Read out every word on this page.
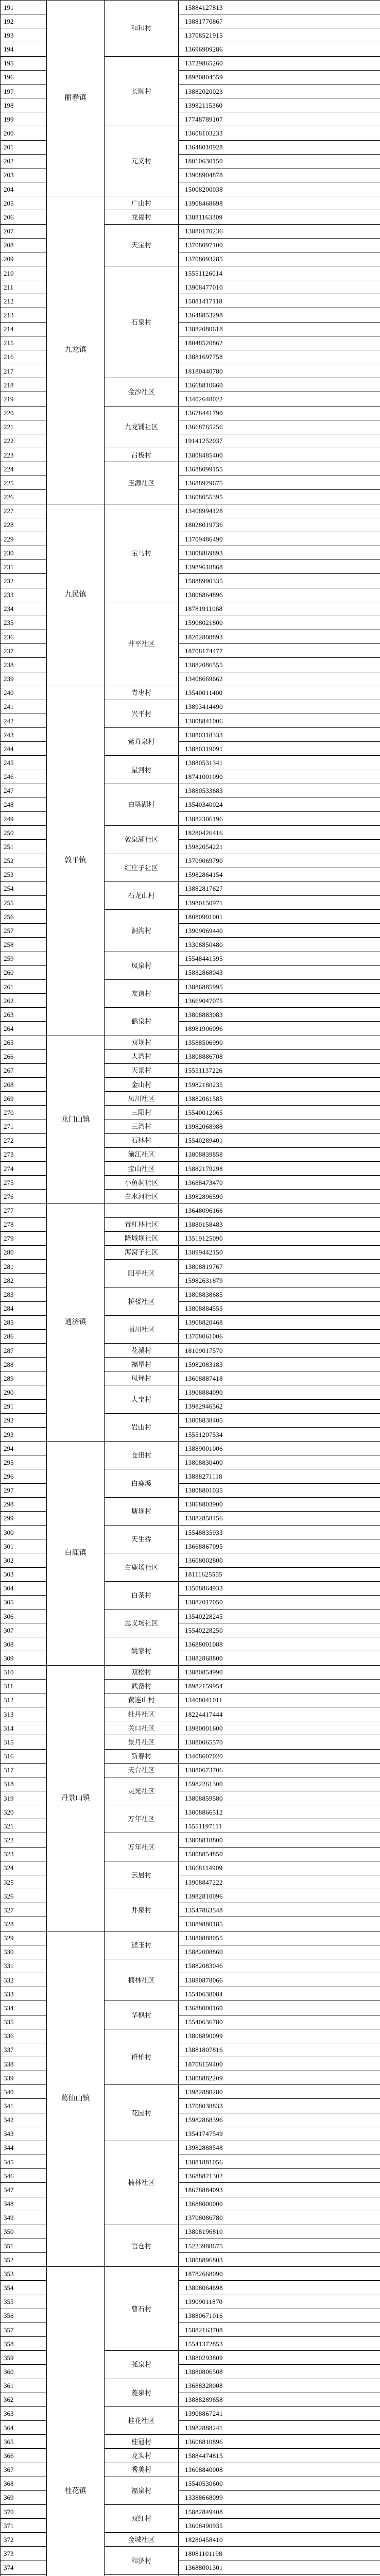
191	丽春镇	和和村	15884127813
192			13881770867
193			13708521915
194			13696909286
195		长顺村	13729865260
196			18980804559
197			13882020023
198			13982115360
199			17748789107
200		元义村	13608103233
201			13648010928
202			18010630150
203			13908904878
204			15008200038
205	九龙镇	广山村	13908468698
206		龙福村	13881163309
207		天宝村	13880170236
208			13708097100
209			13708093285
210		石泉村	15551126014
211			13908477010
212			15881417118
213			13648853298
214			13882080618
215			18048520862
216			13881697758
217			18180440780
218		金沙社区	13668810660
219			13402648022
220		九龙铺社区	13678441790
221			13668765256
222			19141252037
223		吕板村	13808485400
224		玉源社区	13688099155
225			13688929675
226			13608055395
227	九民镇	宝马村	13408994128
228			18028019736
229			13709486490
230			13808869893
231			13989618868
232			15888990335
233			13808864896
234		井平社区	18781911068
235			15908021800
236			18202808893
237			18708174477
238			13882086555
239			13408669662
240	敦平镇	青枣村	13540011400
241		兴平村	13893414490
242			13808841006
243		紫茸泉村	13880318333
244			13880319091
245		星河村	13880531341
246			18741001090
247		白塔湖村	13880533683
248			13540340024
249			13882306196
250		敦泉湖社区	18280426416
251			15982054221
252		红庄子社区	13709069790
253			15982864154
254		石龙山村	13882817627
255			13980150971
256		洞沟村	18080901001
257			13909069440
258			13308850480
259		凤泉村	15548441395
260			15882868043
261		友谊村	13886885995
262			13669047075
263		鹤泉村	13808883083
264			18981906096
265	龙门山镇	双坝村	13588506990
266		大湾村	13808886708
267		天景村	15551137226
268		金山村	15982180235
269		凤川社区	13882061585
270		三阳村	15540012065
271		三湾村	13982068988
272		石林村	15540289401
273		湔江社区	13808839858
274		宝山社区	15882179298
275		小鱼洞社区	13688473470
276		白水河社区	13982896590
277	通济镇		13648096166
278		青杠林社区	13880158483
279		隆城坝社区	13519125090
280		海窝子社区	13899442150
281		阳平社区	13808819767
282			15982631879
283		桥楼社区	13808838685
284			13808884555
285		丽川社区	13908820468
286			13708061006
287		花溪村	18109017570
288		福星村	15982083183
289		凤坪村	13608887418
290		大宝村	13908884090
291			13982946562
292		岩山村	13808838405
293			15551207534
294	白鹿镇	仓田村	13889001006
295			13808830400
296		白鹿溪	13888271118
297			13808801035
298		塘坝村	13868803900
299			13882858456
300		天生桥	15548835933
301			13668867095
302		白鹿场社区	13608002800
303			18111625555
304		白茶村	13508864933
305			13882017050
306		思义场社区	13540228245
307			15540228250
308		姚家村	13688001088
309			13882868800
310	丹景山镇	双松村	13880854990
311		武备村	18982159954
312		黄连山村	13408041011
313		牡丹社区	18224417444
314		关口社区	13980001600
315		景丹社区	13880065570
316		新春村	13408607020
317		天台社区	13880673706
318		灵光社区	15982261300
319			13808859580
320		万年社区	13808866512
321			15551197111
322		万年社区	13808818800
323			15808854850
324		云居村	13668114909
325			13908847222
326		井泉村	13982810096
327			13547863548
328			13889880185
329	葛仙山镇	熊玉村	13880888055
330			15882008860
331		楠林社区	15882083046
332			13880878066
333			15540638084
334		华枫村	13688000160
335			15540636780
336		群柏村	13808890099
337			13881807816
338			18708159400
339			13808882209
340		花园村	13982880280
341			13708038833
342			15982868396
343			13541747549
344		楠林社区	13982888548
345			13881881056
346			13688821302
347			18678884093
348			13688000000
349			13708086780
350		官仓村	13808196810
351			15223988675
352			13808896803
353	桂花镇	曹石村	18782668090
354			13808064698
355			13909011870
356			13880671016
357			15882163708
358			15541372853
359		弧泉村	13880293809
360			13880806508
361		菱泉村	13688328008
362			13888289658
363		桂花社区	13908867241
364			13982888241
365		桂冠村	13608810896
366		龙头村	15884474815
367		秀美村	13608840008
368		福泉村	15540530600
369			13388668099
370		双红村	15882849408
371			13608490935
372		金城社区	18280458410
373		和济村	18081101198
374			13688001301
